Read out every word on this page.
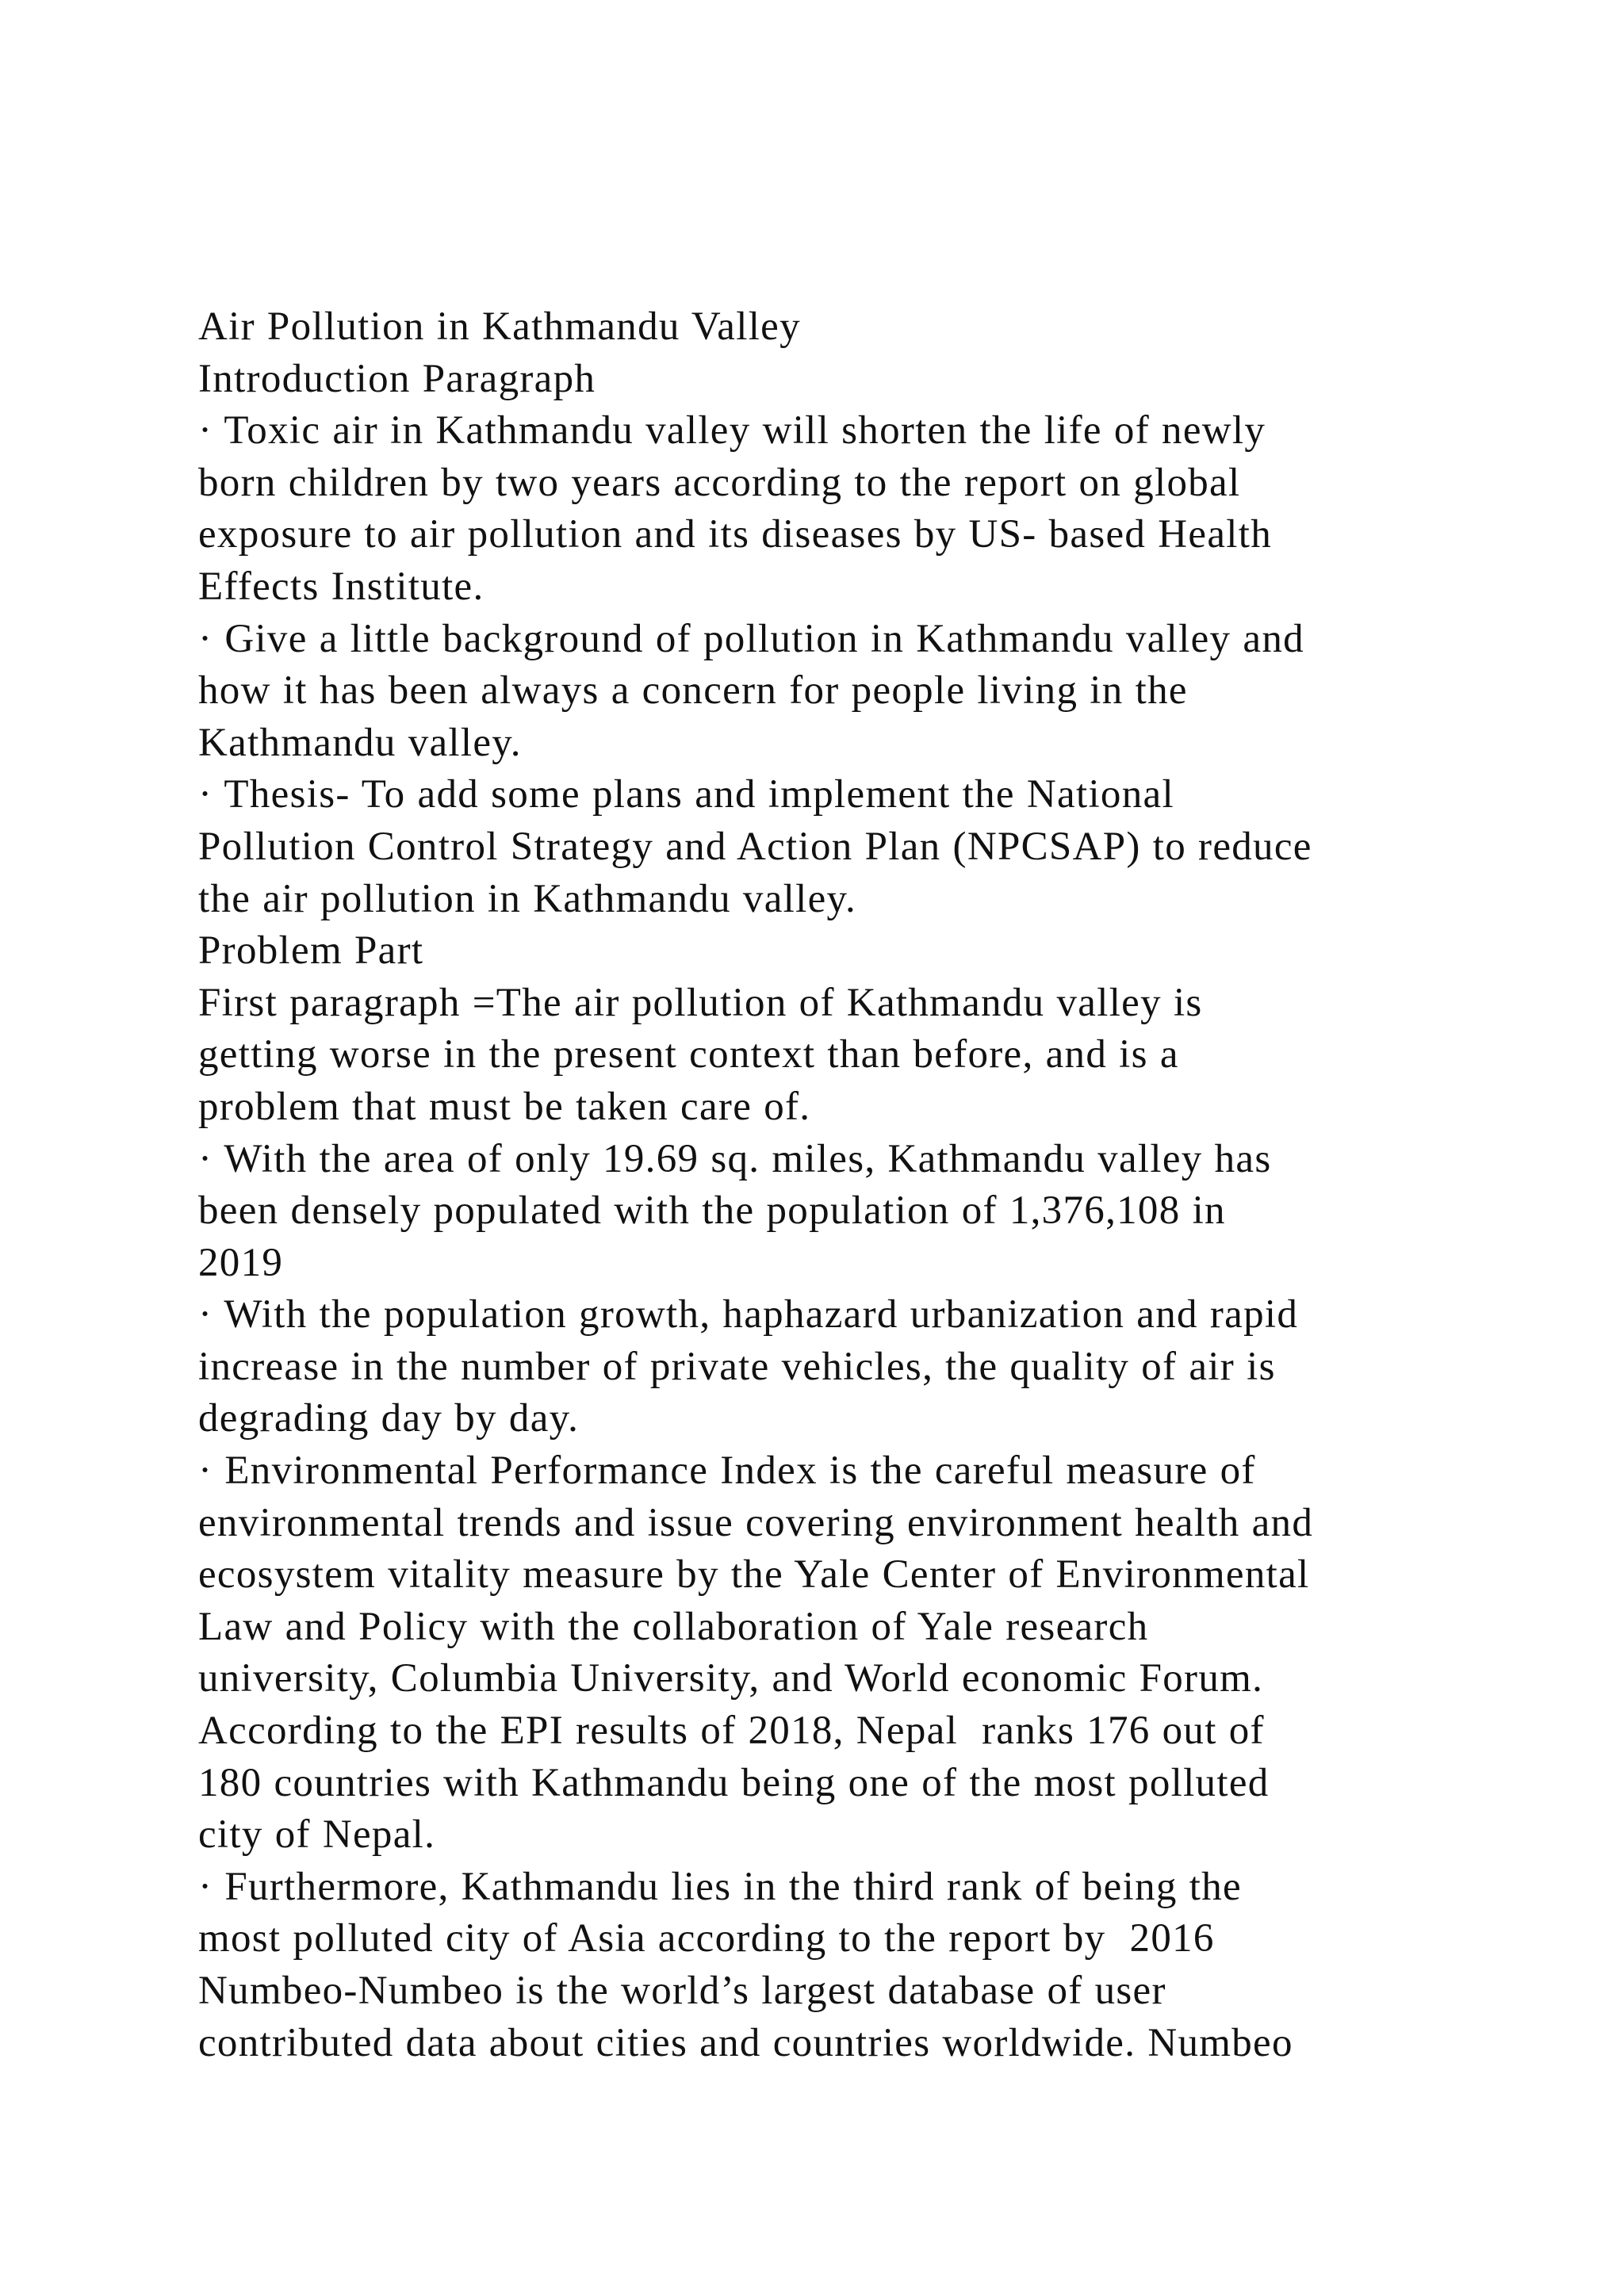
Air Pollution in Kathmandu Valley
Introduction Paragraph
· Toxic air in Kathmandu valley will shorten the life of newly
born children by two years according to the report on global
exposure to air pollution and its diseases by US- based Health
Effects Institute.
· Give a little background of pollution in Kathmandu valley and
how it has been always a concern for people living in the
Kathmandu valley.
· Thesis- To add some plans and implement the National
Pollution Control Strategy and Action Plan (NPCSAP) to reduce
the air pollution in Kathmandu valley.
Problem Part
First paragraph =The air pollution of Kathmandu valley is
getting worse in the present context than before, and is a
problem that must be taken care of.
· With the area of only 19.69 sq. miles, Kathmandu valley has
been densely populated with the population of 1,376,108 in
2019
· With the population growth, haphazard urbanization and rapid
increase in the number of private vehicles, the quality of air is
degrading day by day.
· Environmental Performance Index is the careful measure of
environmental trends and issue covering environment health and
ecosystem vitality measure by the Yale Center of Environmental
Law and Policy with the collaboration of Yale research
university, Columbia University, and World economic Forum.
According to the EPI results of 2018, Nepal  ranks 176 out of
180 countries with Kathmandu being one of the most polluted
city of Nepal.
· Furthermore, Kathmandu lies in the third rank of being the
most polluted city of Asia according to the report by  2016
Numbeo-Numbeo is the world’s largest database of user
contributed data about cities and countries worldwide. Numbeo
